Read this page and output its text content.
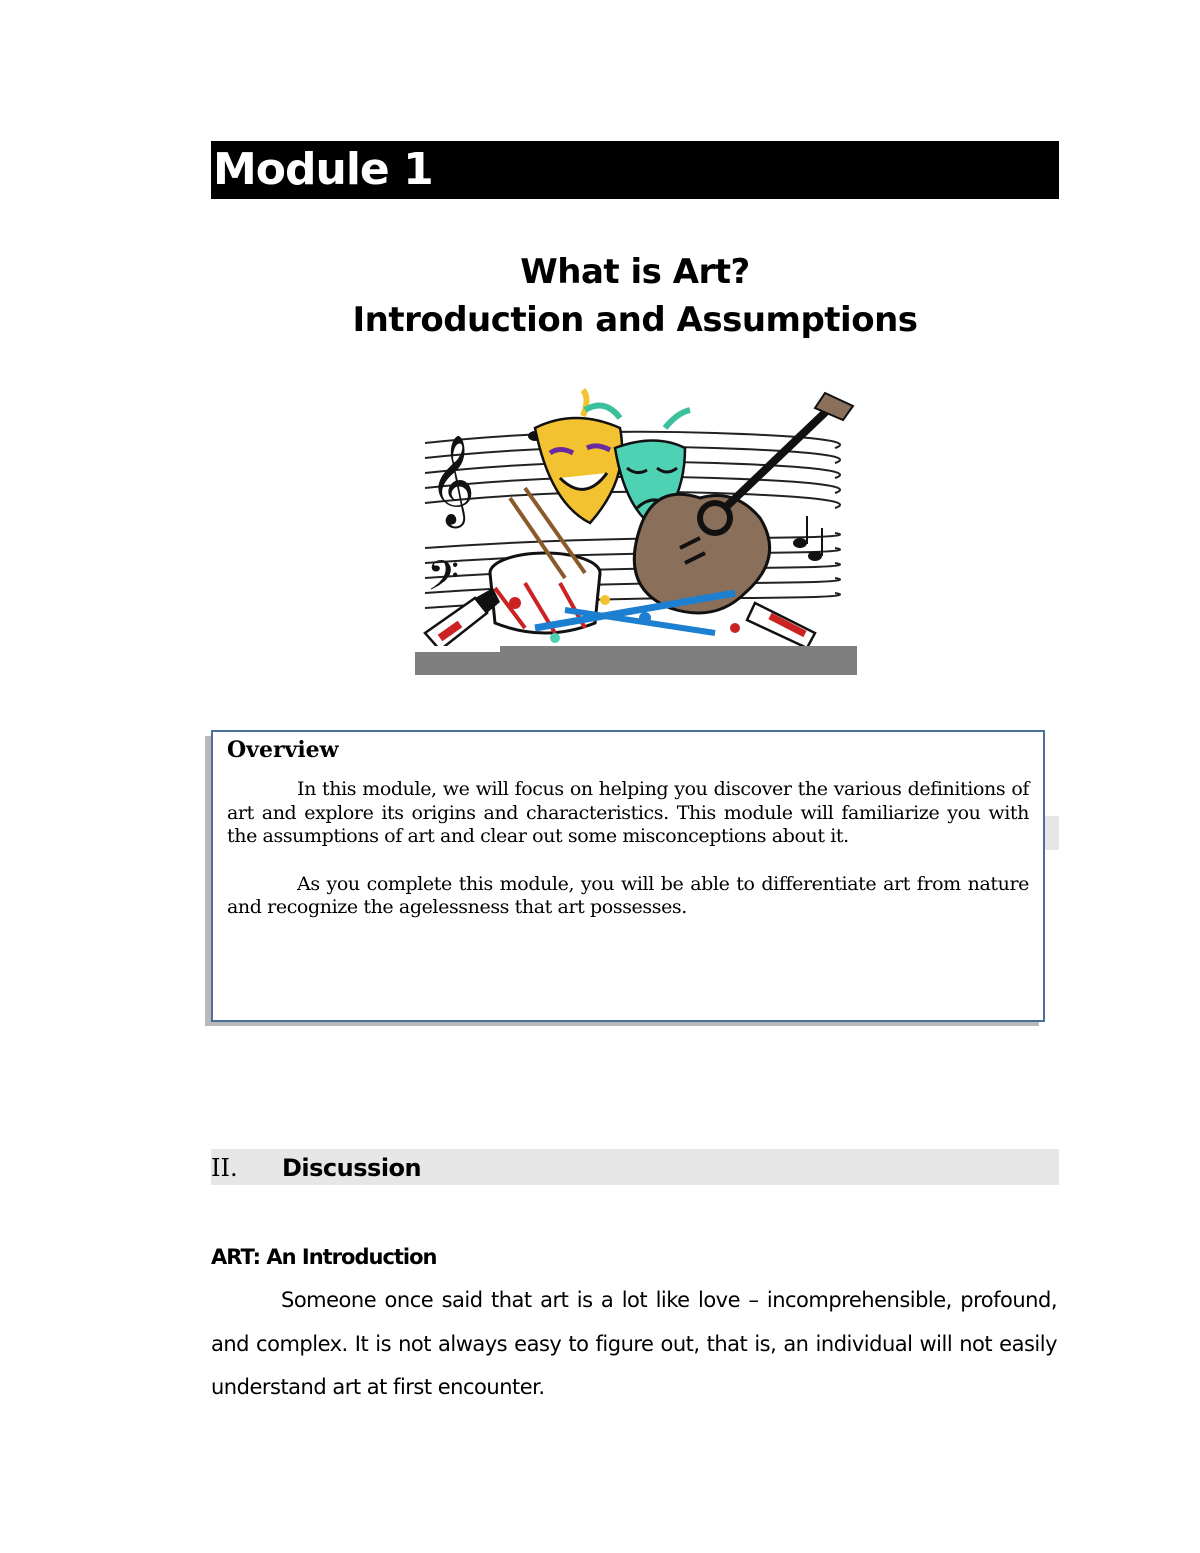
Module 1
What is Art?
Introduction and Assumptions
𝄞
𝄢
Overview

In this module, we will focus on helping you discover the various definitions of art and explore its origins and characteristics. This module will familiarize you with the assumptions of art and clear out some misconceptions about it.

As you complete this module, you will be able to differentiate art from nature and recognize the agelessness that art possesses.

II. Discussion
ART: An Introduction

Someone once said that art is a lot like love – incomprehensible, profound, and complex. It is not always easy to figure out, that is, an individual will not easily understand art at first encounter.
